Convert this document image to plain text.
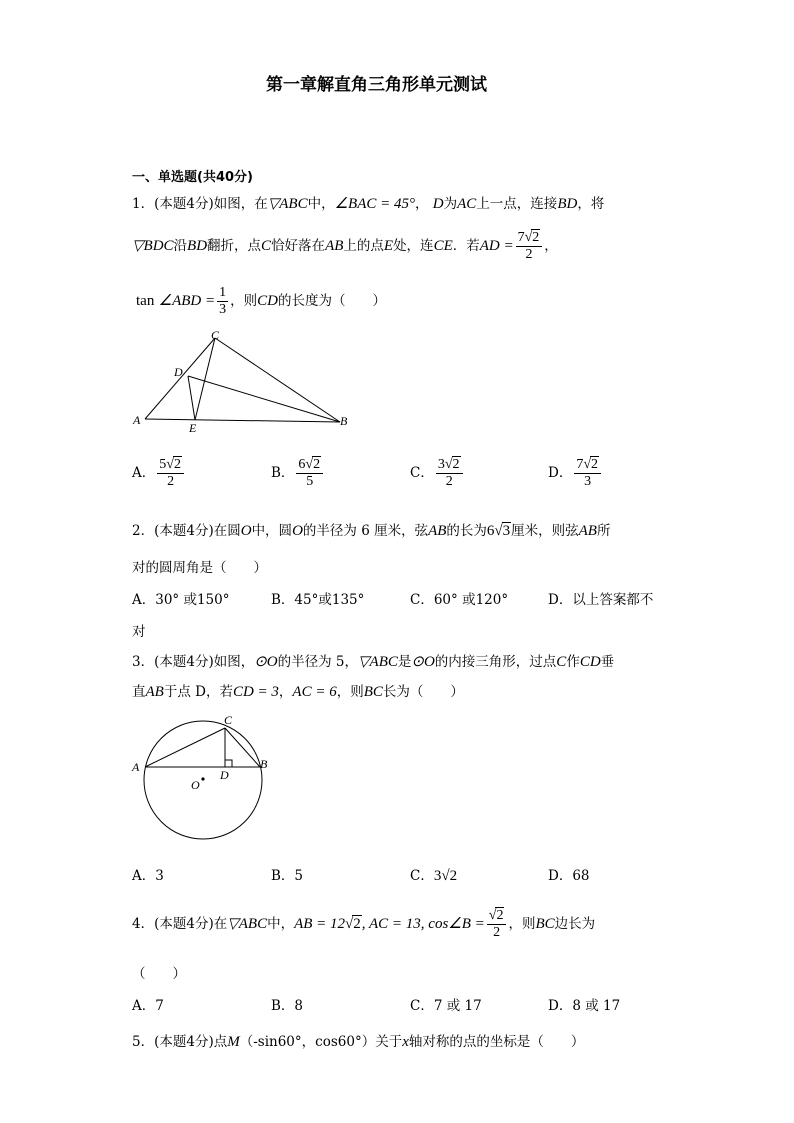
第一章解直角三角形单元测试
一、单选题(共40分)
1．(本题4分)如图，在▽ABC中，∠BAC = 45°， D为AC上一点，连接BD，将
▽BDC沿BD翻折，点C恰好落在AB上的点E处，连CE．若AD = $\frac{7√2}{2}$ ，
tan ∠ABD = $\frac{1}{3}$ ，则CD的长度为（　　）
C
D
A
E	B
A． $\frac{5√2}{2}$	B． $\frac{6√2}{5}$	C． $\frac{3√2}{2}$	D． $\frac{7√2}{3}$
2．(本题4分)在圆O中，圆O的半径为 6 厘米，弦AB的长为6√3厘米，则弦AB所
对的圆周角是（　　）
A．30° 或150°	B．45°或135°	C．60° 或120°	D．以上答案都不
对
3．(本题4分)如图，⊙O的半径为 5，▽ABC是⊙O的内接三角形，过点C作CD垂
直AB于点 D，若CD = 3，AC = 6，则BC长为（　　）
C
A	B
D
O
A．3	B．5	C．3√2	D．68
4．(本题4分)在▽ABC中，AB = 12√2, AC = 13, cos∠B = $\frac{√2}{2}$ ，则BC边长为
（　　）
A．7	B．8	C．7 或 17	D．8 或 17
5．(本题4分)点M（-sin60°，cos60°）关于x轴对称的点的坐标是（　　）
